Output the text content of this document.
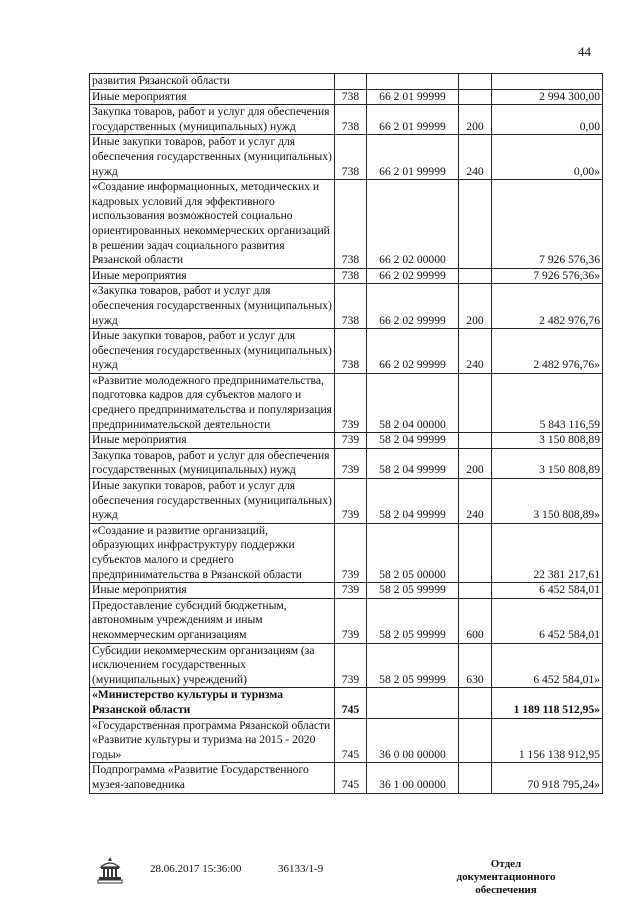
44
развития Рязанской области				
Иные мероприятия	738	66 2 01 99999		2 994 300,00
Закупка товаров, работ и услуг для обеспечения государственных (муниципальных) нужд	738	66 2 01 99999	200	0,00
Иные закупки товаров, работ и услуг для обеспечения государственных (муниципальных) нужд	738	66 2 01 99999	240	0,00»
«Создание информационных, методических и кадровых условий для эффективного использования возможностей социально ориентированных некоммерческих организаций в решении задач социального развития Рязанской области	738	66 2 02 00000		7 926 576,36
Иные мероприятия	738	66 2 02 99999		7 926 576,36»
«Закупка товаров, работ и услуг для обеспечения государственных (муниципальных) нужд	738	66 2 02 99999	200	2 482 976,76
Иные закупки товаров, работ и услуг для обеспечения государственных (муниципальных) нужд	738	66 2 02 99999	240	2 482 976,76»
«Развитие молодежного предпринимательства, подготовка кадров для субъектов малого и среднего предпринимательства и популяризация предпринимательской деятельности	739	58 2 04 00000		5 843 116,59
Иные мероприятия	739	58 2 04 99999		3 150 808,89
Закупка товаров, работ и услуг для обеспечения государственных (муниципальных) нужд	739	58 2 04 99999	200	3 150 808,89
Иные закупки товаров, работ и услуг для обеспечения государственных (муниципальных) нужд	739	58 2 04 99999	240	3 150 808,89»
«Создание и развитие организаций, образующих инфраструктуру поддержки субъектов малого и среднего предпринимательства в Рязанской области	739	58 2 05 00000		22 381 217,61
Иные мероприятия	739	58 2 05 99999		6 452 584,01
Предоставление субсидий бюджетным, автономным учреждениям и иным некоммерческим организациям	739	58 2 05 99999	600	6 452 584,01
Субсидии некоммерческим организациям (за исключением государственных (муниципальных) учреждений)	739	58 2 05 99999	630	6 452 584,01»
«Министерство культуры и туризма Рязанской области	745			1 189 118 512,95»
«Государственная программа Рязанской области «Развитие культуры и туризма на 2015 - 2020 годы»	745	36 0 00 00000		1 156 138 912,95
Подпрограмма «Развитие Государственного музея-заповедника	745	36 1 00 00000		70 918 795,24»
28.06.2017 15:36:00	36133/1-9	Отдел документационного обеспечения
